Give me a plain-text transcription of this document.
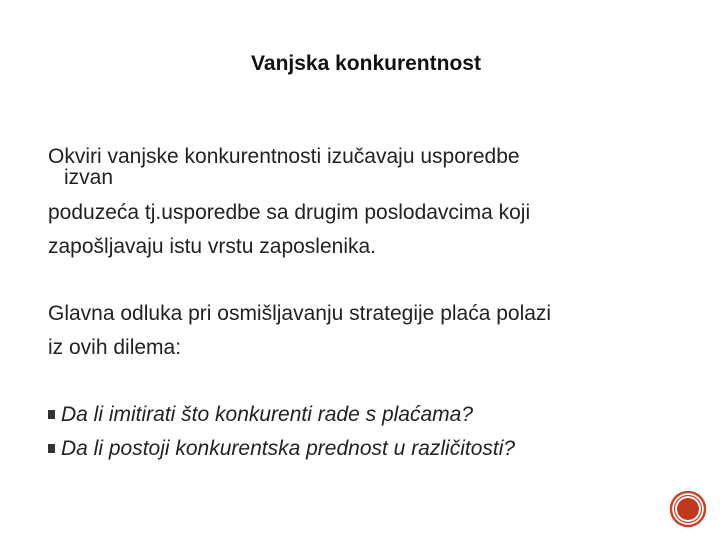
Vanjska konkurentnost
Okviri vanjske konkurentnosti izučavaju usporedbe
izvan
poduzeća tj.usporedbe sa drugim poslodavcima koji
zapošljavaju istu vrstu zaposlenika.
Glavna odluka pri osmišljavanju strategije plaća polazi
iz ovih dilema:
Da li imitirati što konkurenti rade s plaćama?
Da li postoji konkurentska prednost u različitosti?
